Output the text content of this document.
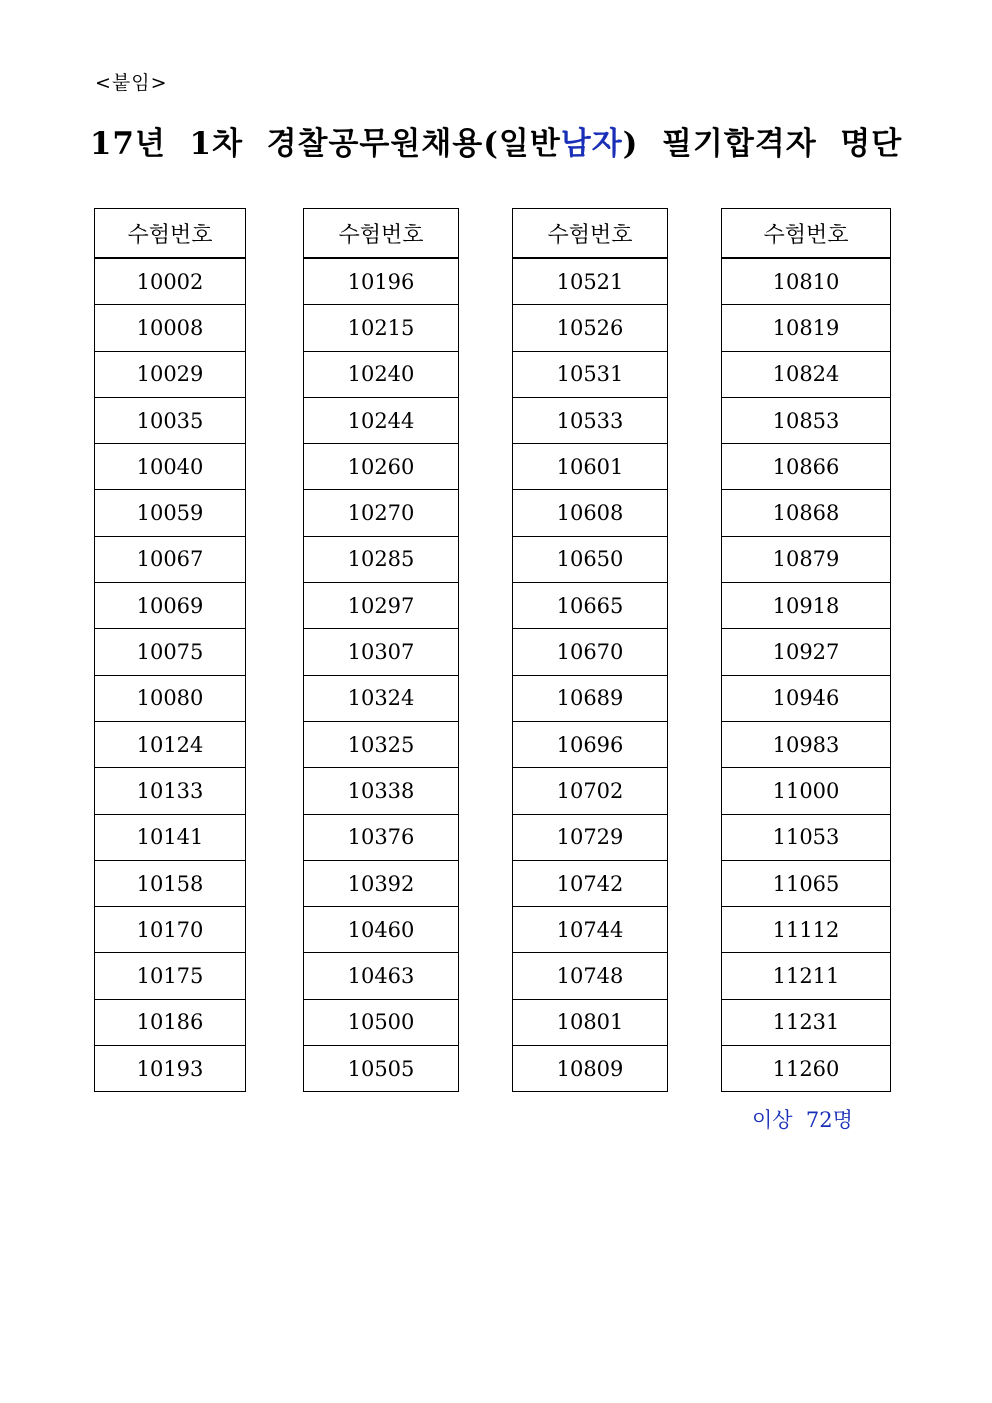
<붙임>
17년  1차  경찰공무원채용(일반남자)  필기합격자  명단
수험번호
10002
10008
10029
10035
10040
10059
10067
10069
10075
10080
10124
10133
10141
10158
10170
10175
10186
10193
수험번호
10196
10215
10240
10244
10260
10270
10285
10297
10307
10324
10325
10338
10376
10392
10460
10463
10500
10505
수험번호
10521
10526
10531
10533
10601
10608
10650
10665
10670
10689
10696
10702
10729
10742
10744
10748
10801
10809
수험번호
10810
10819
10824
10853
10866
10868
10879
10918
10927
10946
10983
11000
11053
11065
11112
11211
11231
11260
이상  72명
